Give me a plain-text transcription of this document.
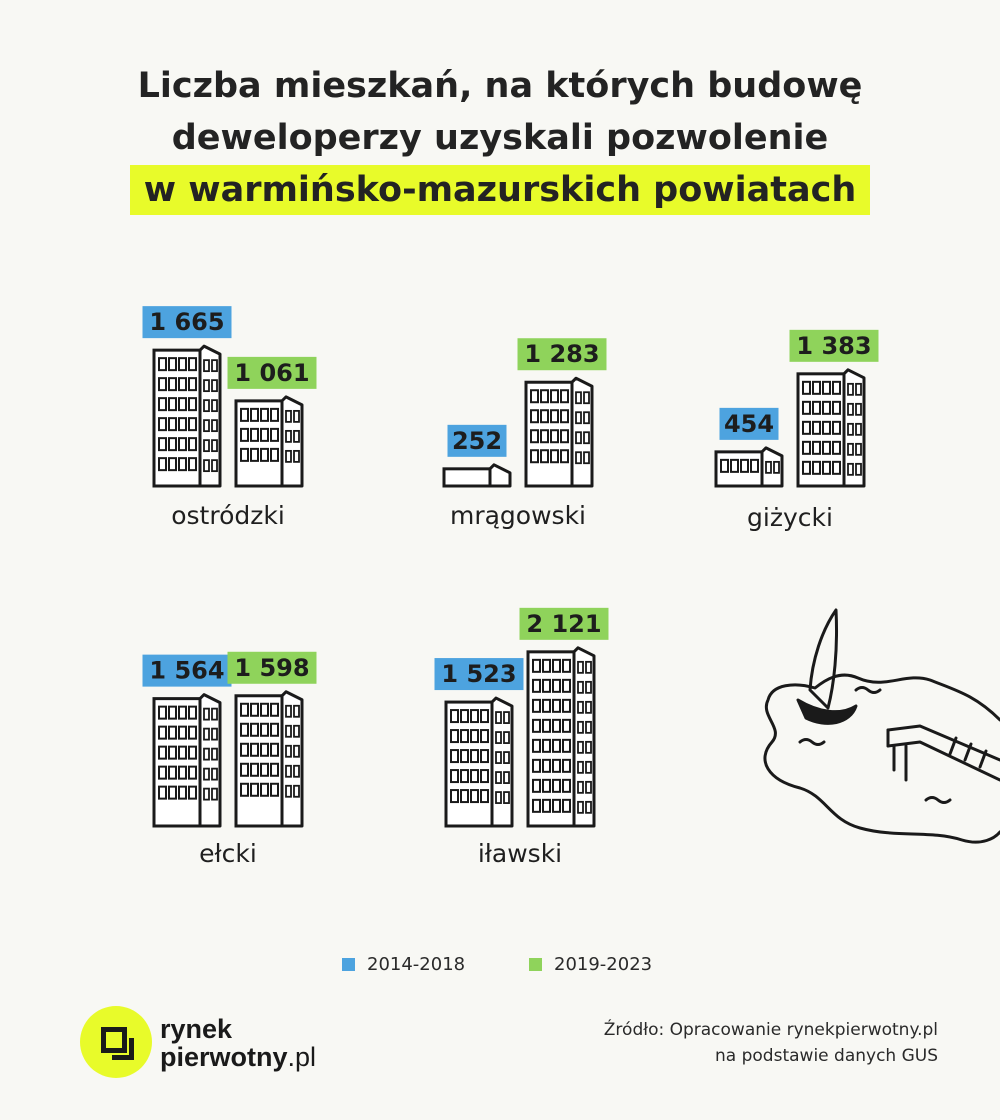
Liczba mieszkań, na których budowę
deweloperzy uzyskali pozwolenie
w warmińsko-mazurskich powiatach
1 665
1 061
ostródzki
252
1 283
mrągowski
454
1 383
giżycki
1 564 1 598
ełcki
1 523
2 121
iławski
2014-2018	2019-2023
rynek
pierwotny.pl
Źródło: Opracowanie rynekpierwotny.pl
na podstawie danych GUS
